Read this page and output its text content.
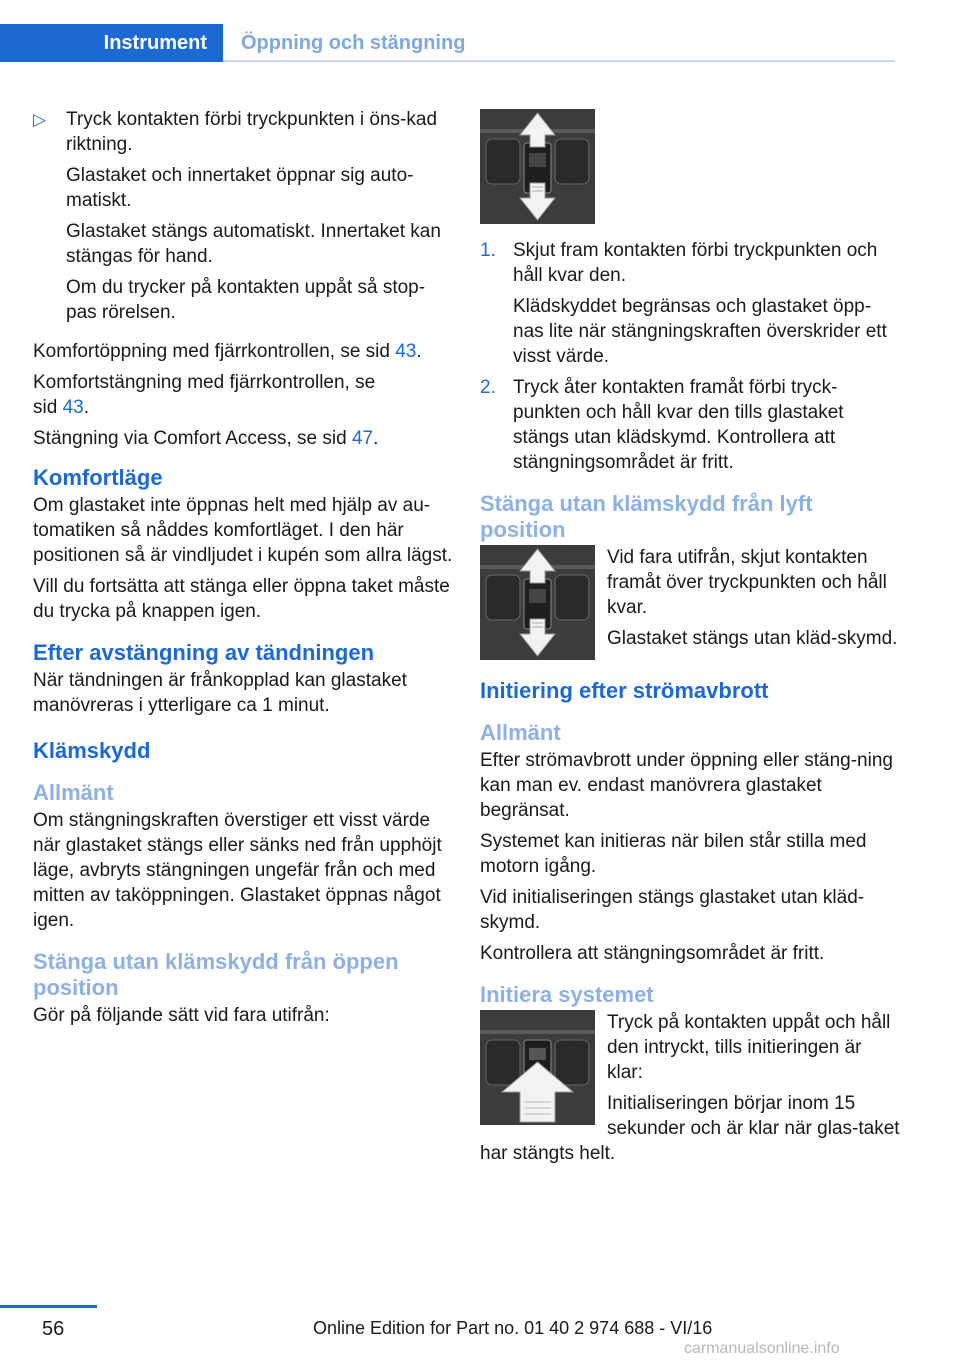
Instrument	Öppning och stängning
▷ Tryck kontakten förbi tryckpunkten i öns‐kad riktning.

Glastaket och innertaket öppnar sig auto‐matiskt.

Glastaket stängs automatiskt. Innertaket kan stängas för hand.

Om du trycker på kontakten uppåt så stop‐pas rörelsen.

Komfortöppning med fjärrkontrollen, se sid 43.

Komfortstängning med fjärrkontrollen, se sid 43.

Stängning via Comfort Access, se sid 47.

Komfortläge

Om glastaket inte öppnas helt med hjälp av au‐tomatiken så nåddes komfortläget. I den här positionen så är vindljudet i kupén som allra lägst.

Vill du fortsätta att stänga eller öppna taket måste du trycka på knappen igen.

Efter avstängning av tändningen

När tändningen är frånkopplad kan glastaket manövreras i ytterligare ca 1 minut.

Klämskydd
Allmänt

Om stängningskraften överstiger ett visst värde när glastaket stängs eller sänks ned från upphöjt läge, avbryts stängningen ungefär från och med mitten av taköppningen. Glastaket öppnas något igen.

Stänga utan klämskydd från öppen position

Gör på följande sätt vid fara utifrån:

1. Skjut fram kontakten förbi tryckpunkten och håll kvar den.

Klädskyddet begränsas och glastaket öpp‐nas lite när stängningskraften överskrider ett visst värde.

2. Tryck åter kontakten framåt förbi tryck‐punkten och håll kvar den tills glastaket stängs utan klädskymd. Kontrollera att stängningsområdet är fritt.

Stänga utan klämskydd från lyft position

Vid fara utifrån, skjut kontakten framåt över tryckpunkten och håll kvar.

Glastaket stängs utan kläd‐skymd.

Initiering efter strömavbrott
Allmänt

Efter strömavbrott under öppning eller stäng‐ning kan man ev. endast manövrera glastaket begränsat.

Systemet kan initieras när bilen står stilla med motorn igång.

Vid initialiseringen stängs glastaket utan kläd‐skymd.

Kontrollera att stängningsområdet är fritt.

Initiera systemet

Tryck på kontakten uppåt och håll den intryckt, tills initieringen är klar:

Initialiseringen börjar inom 15 sekunder och är klar när glas‐taket har stängts helt.

56	Online Edition for Part no. 01 40 2 974 688 - VI/16
carmanualsonline.info
